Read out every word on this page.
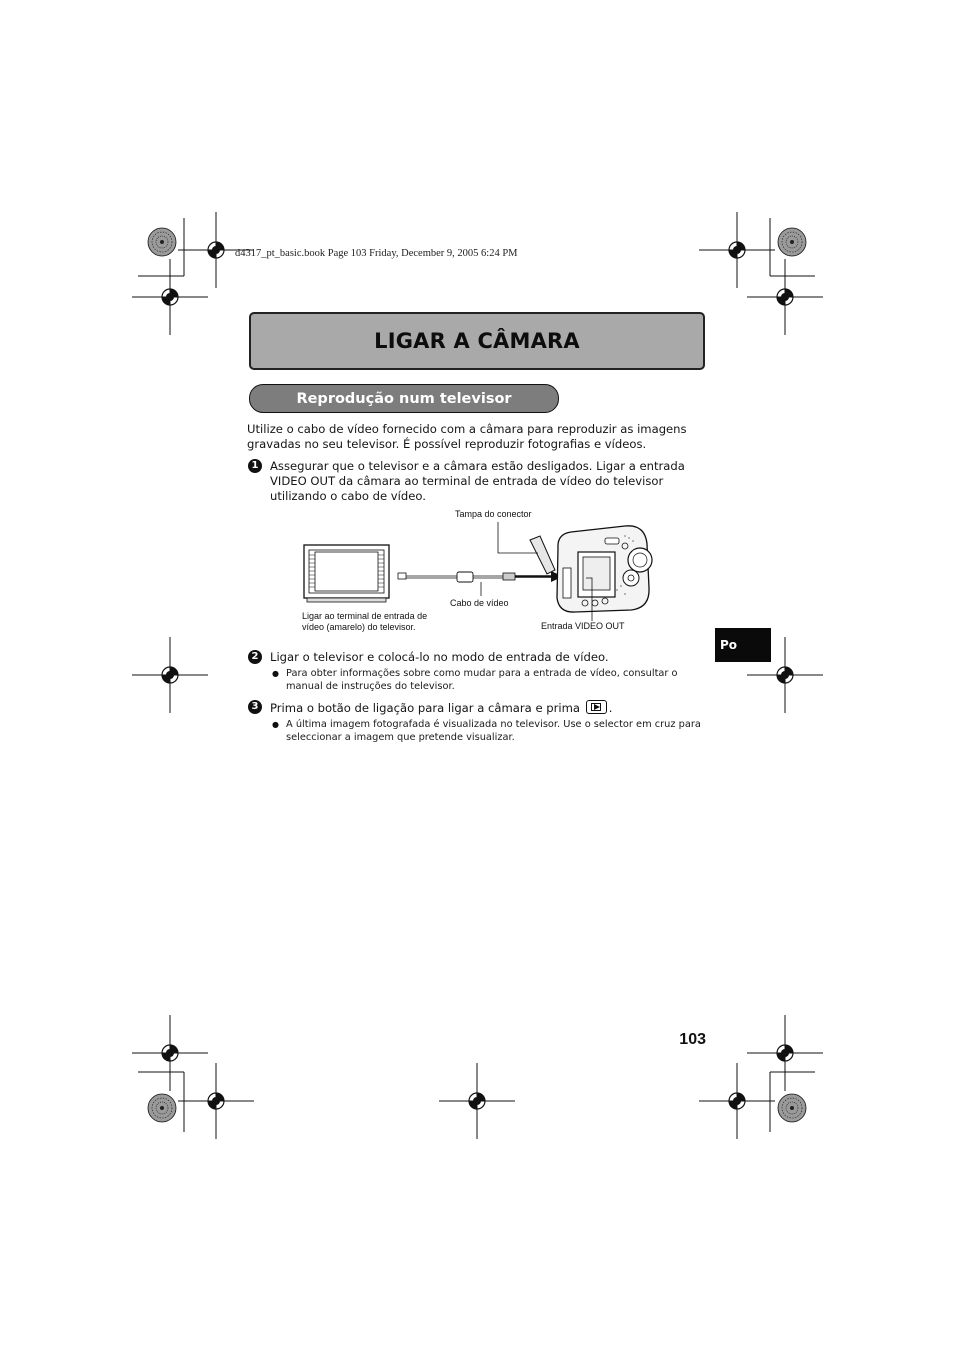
d4317_pt_basic.book Page 103 Friday, December 9, 2005 6:24 PM
LIGAR A CÂMARA
Reprodução num televisor
Utilize o cabo de vídeo fornecido com a câmara para reproduzir as imagens gravadas no seu televisor. É possível reproduzir fotografias e vídeos.
1 Assegurar que o televisor e a câmara estão desligados. Ligar a entrada VIDEO OUT da câmara ao terminal de entrada de vídeo do televisor utilizando o cabo de vídeo.
Tampa do conector
Cabo de vídeo
Ligar ao terminal de entrada de
vídeo (amarelo) do televisor.	Entrada VIDEO OUT
2 Ligar o televisor e colocá-lo no modo de entrada de vídeo.
● Para obter informações sobre como mudar para a entrada de vídeo, consultar o manual de instruções do televisor.
3 Prima o botão de ligação para ligar a câmara e prima .
● A última imagem fotografada é visualizada no televisor. Use o selector em cruz para seleccionar a imagem que pretende visualizar.
Po
103
